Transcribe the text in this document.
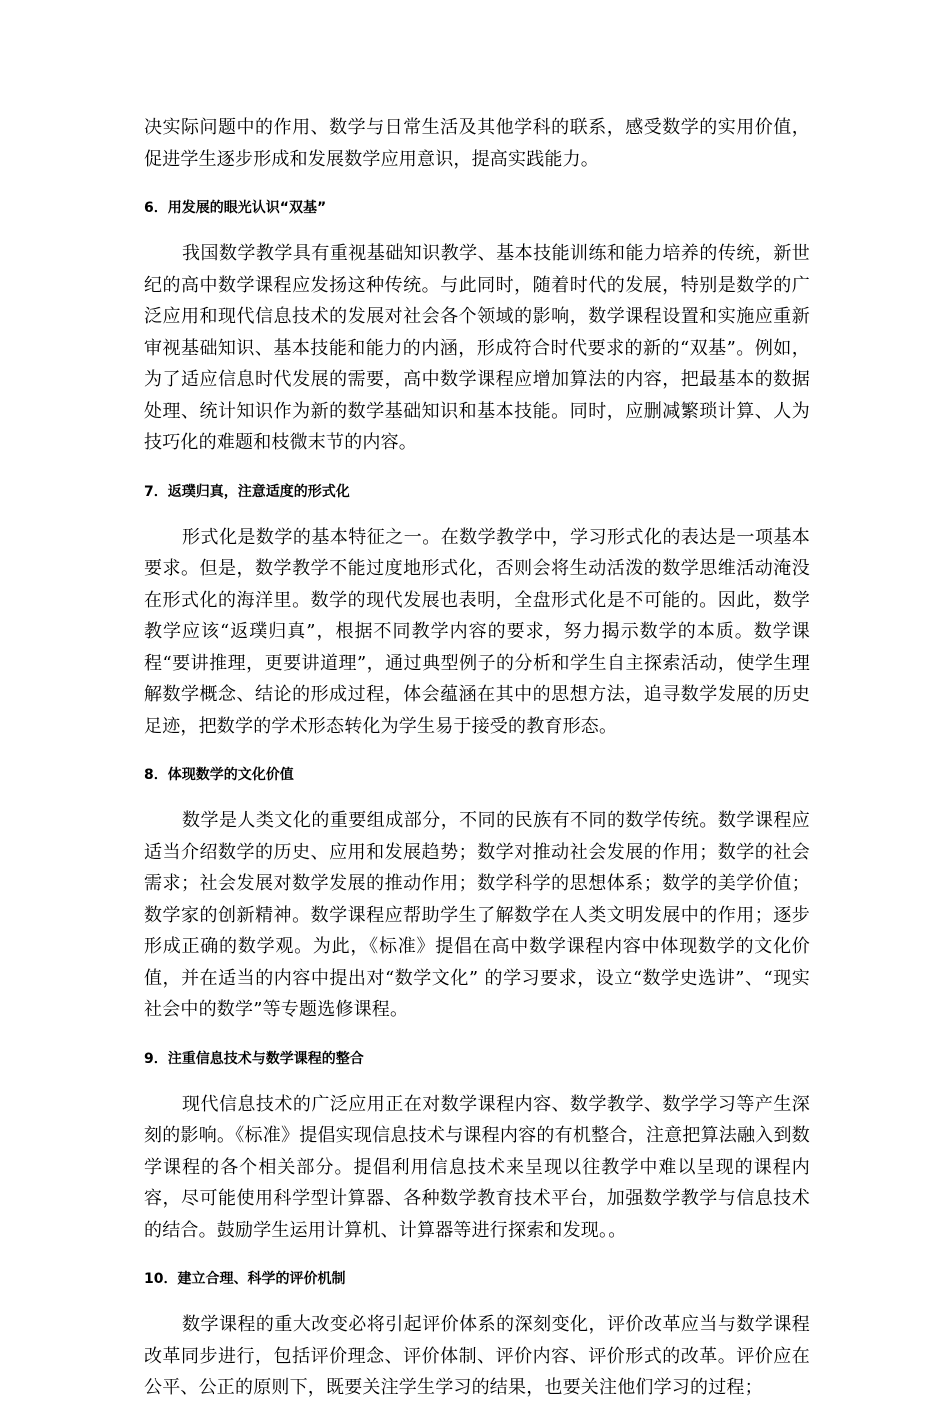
决实际问题中的作用、数学与日常生活及其他学科的联系，感受数学的实用价值，促进学生逐步形成和发展数学应用意识，提高实践能力。

6．用发展的眼光认识“双基”

我国数学教学具有重视基础知识教学、基本技能训练和能力培养的传统，新世纪的高中数学课程应发扬这种传统。与此同时，随着时代的发展，特别是数学的广泛应用和现代信息技术的发展对社会各个领域的影响，数学课程设置和实施应重新审视基础知识、基本技能和能力的内涵，形成符合时代要求的新的“双基”。例如，为了适应信息时代发展的需要，高中数学课程应增加算法的内容，把最基本的数据处理、统计知识作为新的数学基础知识和基本技能。同时，应删减繁琐计算、人为技巧化的难题和枝微末节的内容。

7．返璞归真，注意适度的形式化

形式化是数学的基本特征之一。在数学教学中，学习形式化的表达是一项基本要求。但是，数学教学不能过度地形式化，否则会将生动活泼的数学思维活动淹没在形式化的海洋里。数学的现代发展也表明，全盘形式化是不可能的。因此，数学教学应该“返璞归真”，根据不同教学内容的要求，努力揭示数学的本质。数学课程“要讲推理，更要讲道理”，通过典型例子的分析和学生自主探索活动，使学生理解数学概念、结论的形成过程，体会蕴涵在其中的思想方法，追寻数学发展的历史足迹，把数学的学术形态转化为学生易于接受的教育形态。

8．体现数学的文化价值

数学是人类文化的重要组成部分，不同的民族有不同的数学传统。数学课程应适当介绍数学的历史、应用和发展趋势；数学对推动社会发展的作用；数学的社会需求；社会发展对数学发展的推动作用；数学科学的思想体系；数学的美学价值；数学家的创新精神。数学课程应帮助学生了解数学在人类文明发展中的作用；逐步形成正确的数学观。为此，《标准》提倡在高中数学课程内容中体现数学的文化价值，并在适当的内容中提出对“数学文化” 的学习要求，设立“数学史选讲”、“现实社会中的数学”等专题选修课程。

9．注重信息技术与数学课程的整合

现代信息技术的广泛应用正在对数学课程内容、数学教学、数学学习等产生深刻的影响。《标准》提倡实现信息技术与课程内容的有机整合，注意把算法融入到数学课程的各个相关部分。提倡利用信息技术来呈现以往教学中难以呈现的课程内容，尽可能使用科学型计算器、各种数学教育技术平台，加强数学教学与信息技术的结合。鼓励学生运用计算机、计算器等进行探索和发现。。

10．建立合理、科学的评价机制

数学课程的重大改变必将引起评价体系的深刻变化，评价改革应当与数学课程改革同步进行，包括评价理念、评价体制、评价内容、评价形式的改革。评价应在公平、公正的原则下，既要关注学生学习的结果，也要关注他们学习的过程；
